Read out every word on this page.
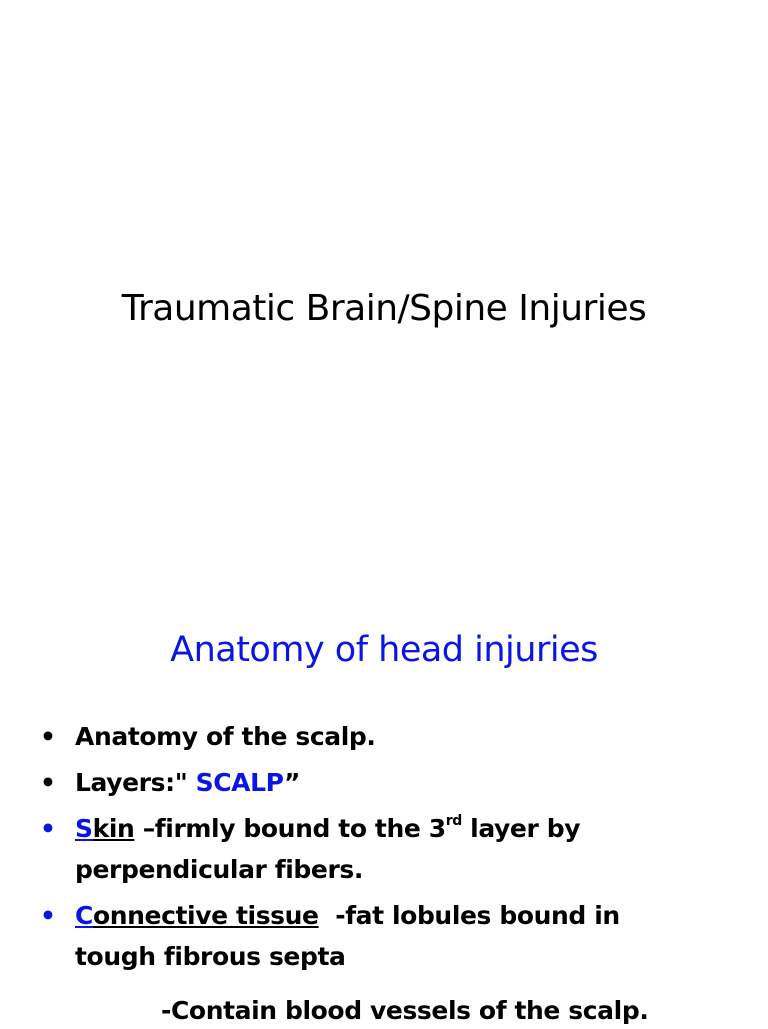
Traumatic Brain/Spine Injuries
Anatomy of head injuries
• Anatomy of the scalp.
• Layers:" SCALP”
• Skin –firmly bound to the 3rd layer by
perpendicular fibers.
• Connective tissue  -fat lobules bound in
tough fibrous septa
-Contain blood vessels of the scalp.
